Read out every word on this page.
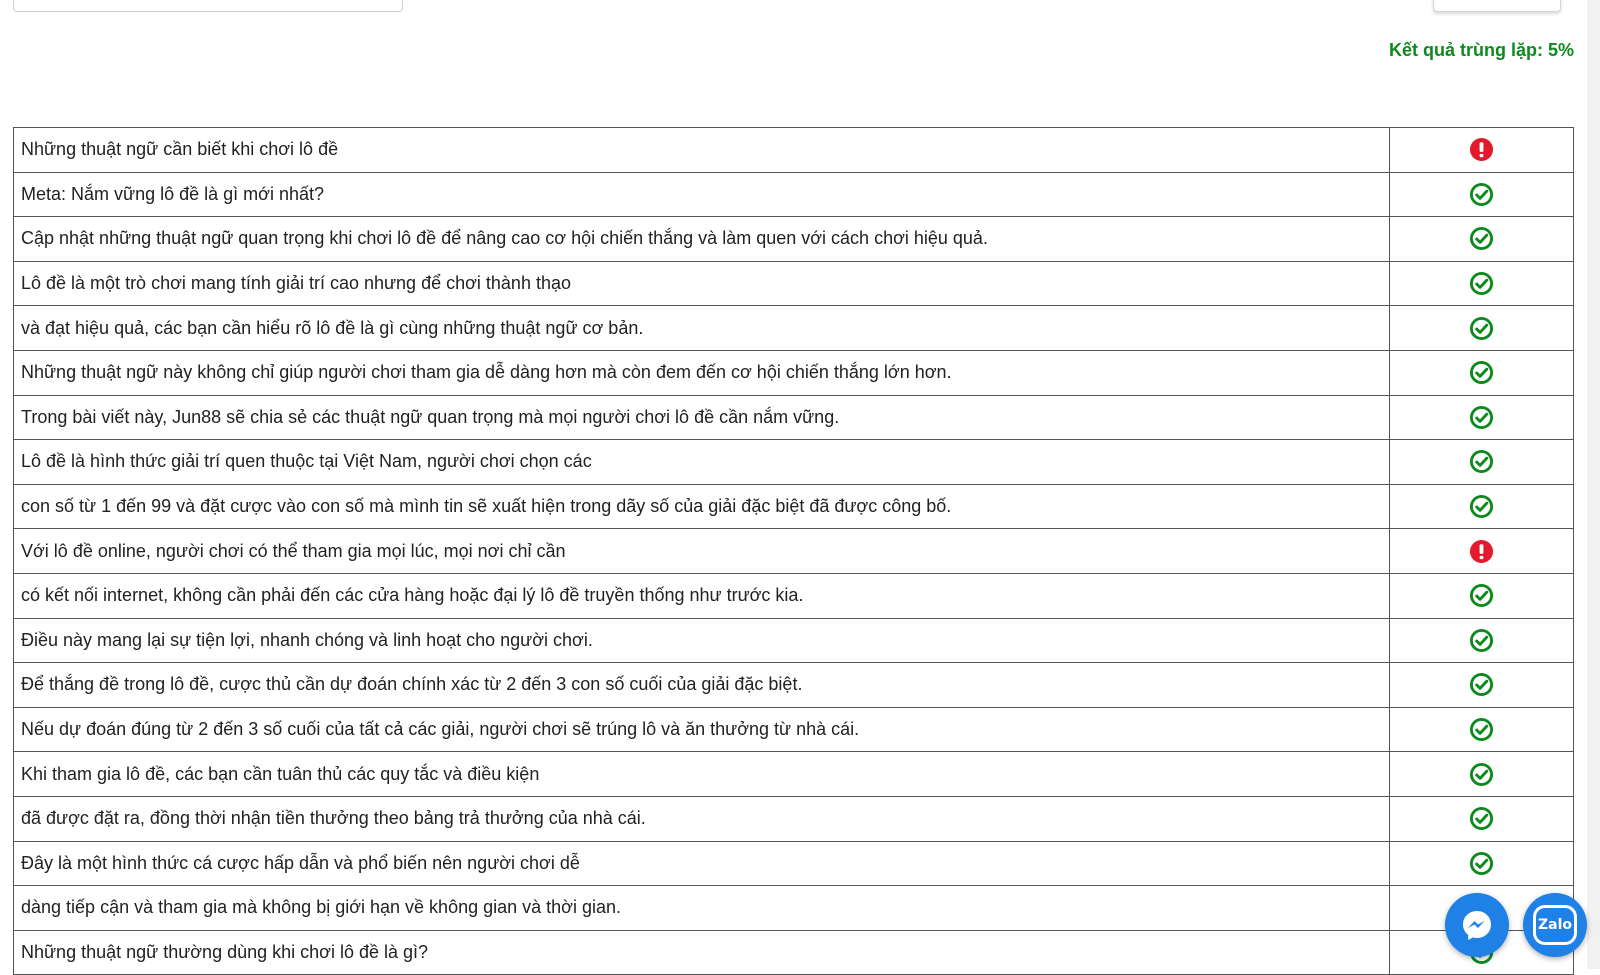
Kết quả trùng lặp: 5%
Những thuật ngữ cần biết khi chơi lô đề	
Meta: Nắm vững lô đề là gì mới nhất?	
Cập nhật những thuật ngữ quan trọng khi chơi lô đề để nâng cao cơ hội chiến thắng và làm quen với cách chơi hiệu quả.	
Lô đề là một trò chơi mang tính giải trí cao nhưng để chơi thành thạo	
và đạt hiệu quả, các bạn cần hiểu rõ lô đề là gì cùng những thuật ngữ cơ bản.	
Những thuật ngữ này không chỉ giúp người chơi tham gia dễ dàng hơn mà còn đem đến cơ hội chiến thắng lớn hơn.	
Trong bài viết này, Jun88 sẽ chia sẻ các thuật ngữ quan trọng mà mọi người chơi lô đề cần nắm vững.	
Lô đề là hình thức giải trí quen thuộc tại Việt Nam, người chơi chọn các	
con số từ 1 đến 99 và đặt cược vào con số mà mình tin sẽ xuất hiện trong dãy số của giải đặc biệt đã được công bố.	
Với lô đề online, người chơi có thể tham gia mọi lúc, mọi nơi chỉ cần	
có kết nối internet, không cần phải đến các cửa hàng hoặc đại lý lô đề truyền thống như trước kia.	
Điều này mang lại sự tiện lợi, nhanh chóng và linh hoạt cho người chơi.	
Để thắng đề trong lô đề, cược thủ cần dự đoán chính xác từ 2 đến 3 con số cuối của giải đặc biệt.	
Nếu dự đoán đúng từ 2 đến 3 số cuối của tất cả các giải, người chơi sẽ trúng lô và ăn thưởng từ nhà cái.	
Khi tham gia lô đề, các bạn cần tuân thủ các quy tắc và điều kiện	
đã được đặt ra, đồng thời nhận tiền thưởng theo bảng trả thưởng của nhà cái.	
Đây là một hình thức cá cược hấp dẫn và phổ biến nên người chơi dễ	
dàng tiếp cận và tham gia mà không bị giới hạn về không gian và thời gian.	
Những thuật ngữ thường dùng khi chơi lô đề là gì?	
Zalo
